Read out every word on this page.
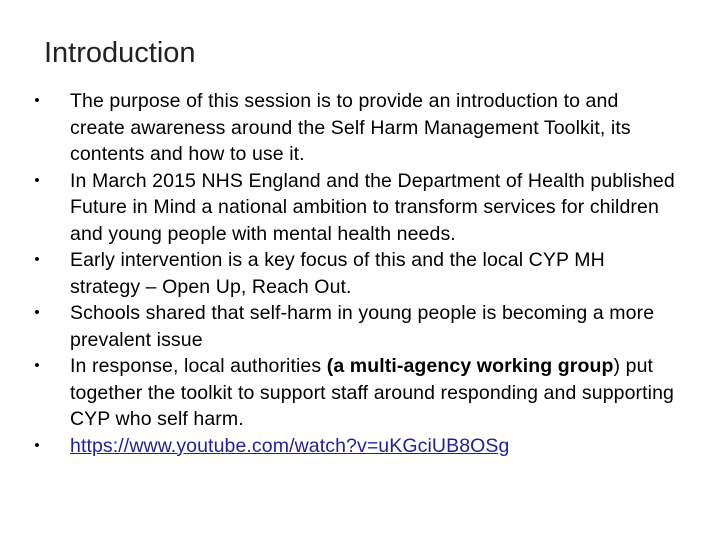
Introduction
• The purpose of this session is to provide an introduction to and create awareness around the Self Harm Management Toolkit, its contents and how to use it.
• In March 2015 NHS England and the Department of Health published Future in Mind a national ambition to transform services for children and young people with mental health needs.
• Early intervention is a key focus of this and the local CYP MH strategy – Open Up, Reach Out.
• Schools shared that self-harm in young people is becoming a more prevalent issue
• In response, local authorities (a multi-agency working group) put together the toolkit to support staff around responding and supporting CYP who self harm.
• https://www.youtube.com/watch?v=uKGciUB8OSg
